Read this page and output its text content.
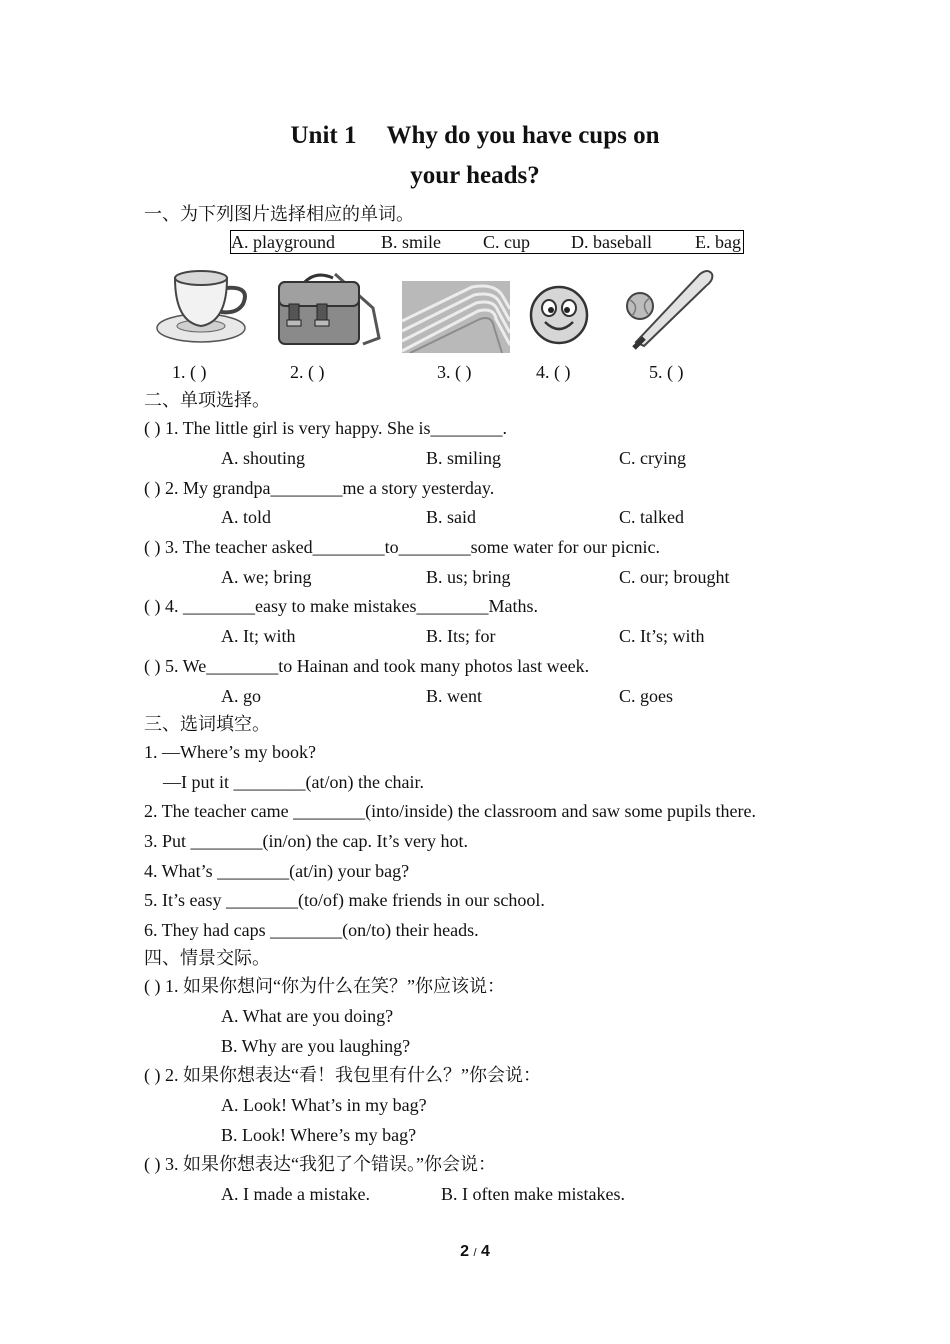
Unit 1 Why do you have cups on
your heads?
一、为下列图片选择相应的单词。
A. playground	B. smile C. cup D. baseball E. bag
1. ( )	2. ( )	3. ( )	4. ( )	5. ( )
二、单项选择。
( ) 1. The little girl is very happy. She is________.
A. shouting	B. smiling	C. crying
( ) 2. My grandpa________me a story yesterday.
A. told	B. said	C. talked
( ) 3. The teacher asked________to________some water for our picnic.
A. we; bring	B. us; bring	C. our; brought
( ) 4. ________easy to make mistakes________Maths.
A. It; with	B. Its; for	C. It’s; with
( ) 5. We________to Hainan and took many photos last week.
A. go	B. went	C. goes
三、选词填空。
1. —Where’s my book?
—I put it ________(at/on) the chair.
2. The teacher came ________(into/inside) the classroom and saw some pupils there.
3. Put ________(in/on) the cap. It’s very hot.
4. What’s ________(at/in) your bag?
5. It’s easy ________(to/of) make friends in our school.
6. They had caps ________(on/to) their heads.
四、情景交际。
( ) 1. 如果你想问“你为什么在笑？”你应该说：
A. What are you doing?
B. Why are you laughing?
( ) 2. 如果你想表达“看！我包里有什么？”你会说：
A. Look! What’s in my bag?
B. Look! Where’s my bag?
( ) 3. 如果你想表达“我犯了个错误。”你会说：
A. I made a mistake.	B. I often make mistakes.
2 / 4
